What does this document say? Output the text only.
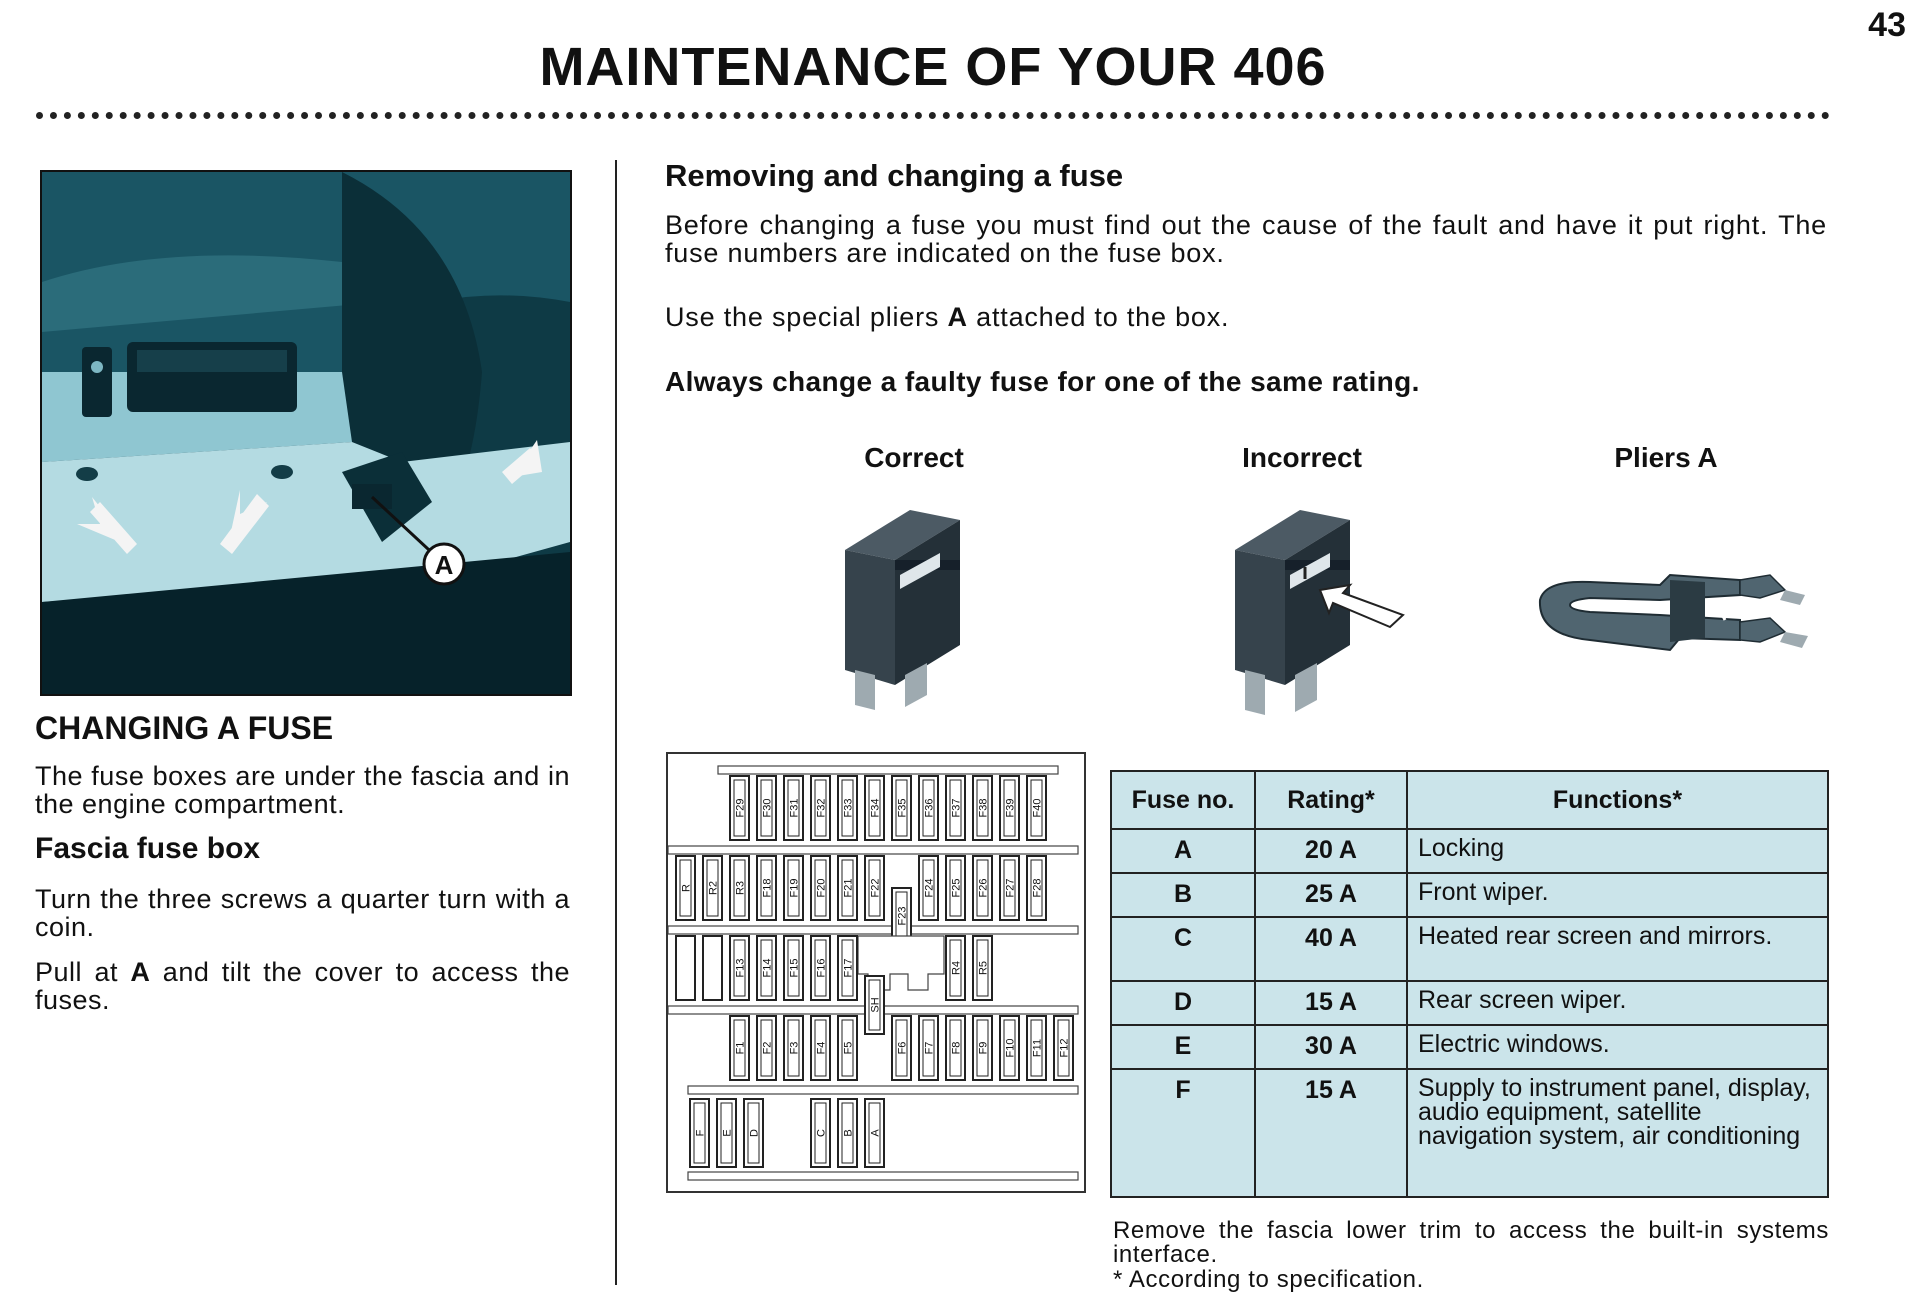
43
MAINTENANCE OF YOUR 406
A
CHANGING A FUSE
The fuse boxes are under the fascia and in the engine compartment.
Fascia fuse box
Turn the three screws a quarter turn with a coin.
Pull at A and tilt the cover to access the fuses.
Removing and changing a fuse
Before changing a fuse you must find out the cause of the fault and have it put right. The fuse numbers are indicated on the fuse box.
Use the special pliers A attached to the box.
Always change a faulty fuse for one of the same rating.
Correct	Incorrect	Pliers A
F29 F30 F31 F32 F33 F34 F35 F36 F37 F38 F39 F40
R R2 R3 F18 F19 F20 F21 F22	F24 F25 F26 F27 F28
F23
F13 F14 F15 F16 F17	R4 R5
SH
F1 F2 F3 F4 F5	F6 F7 F8 F9 F10 F11 F12
F E D	C B A
Fuse no.	Rating*	Functions*
A	20 A	Locking
B	25 A	Front wiper.
C	40 A	Heated rear screen and mirrors.
D	15 A	Rear screen wiper.
E	30 A	Electric windows.
F	15 A	Supply to instrument panel, display, audio equipment, satellite navigation system, air conditioning
Remove the fascia lower trim to access the built-in systems interface.
* According to specification.
